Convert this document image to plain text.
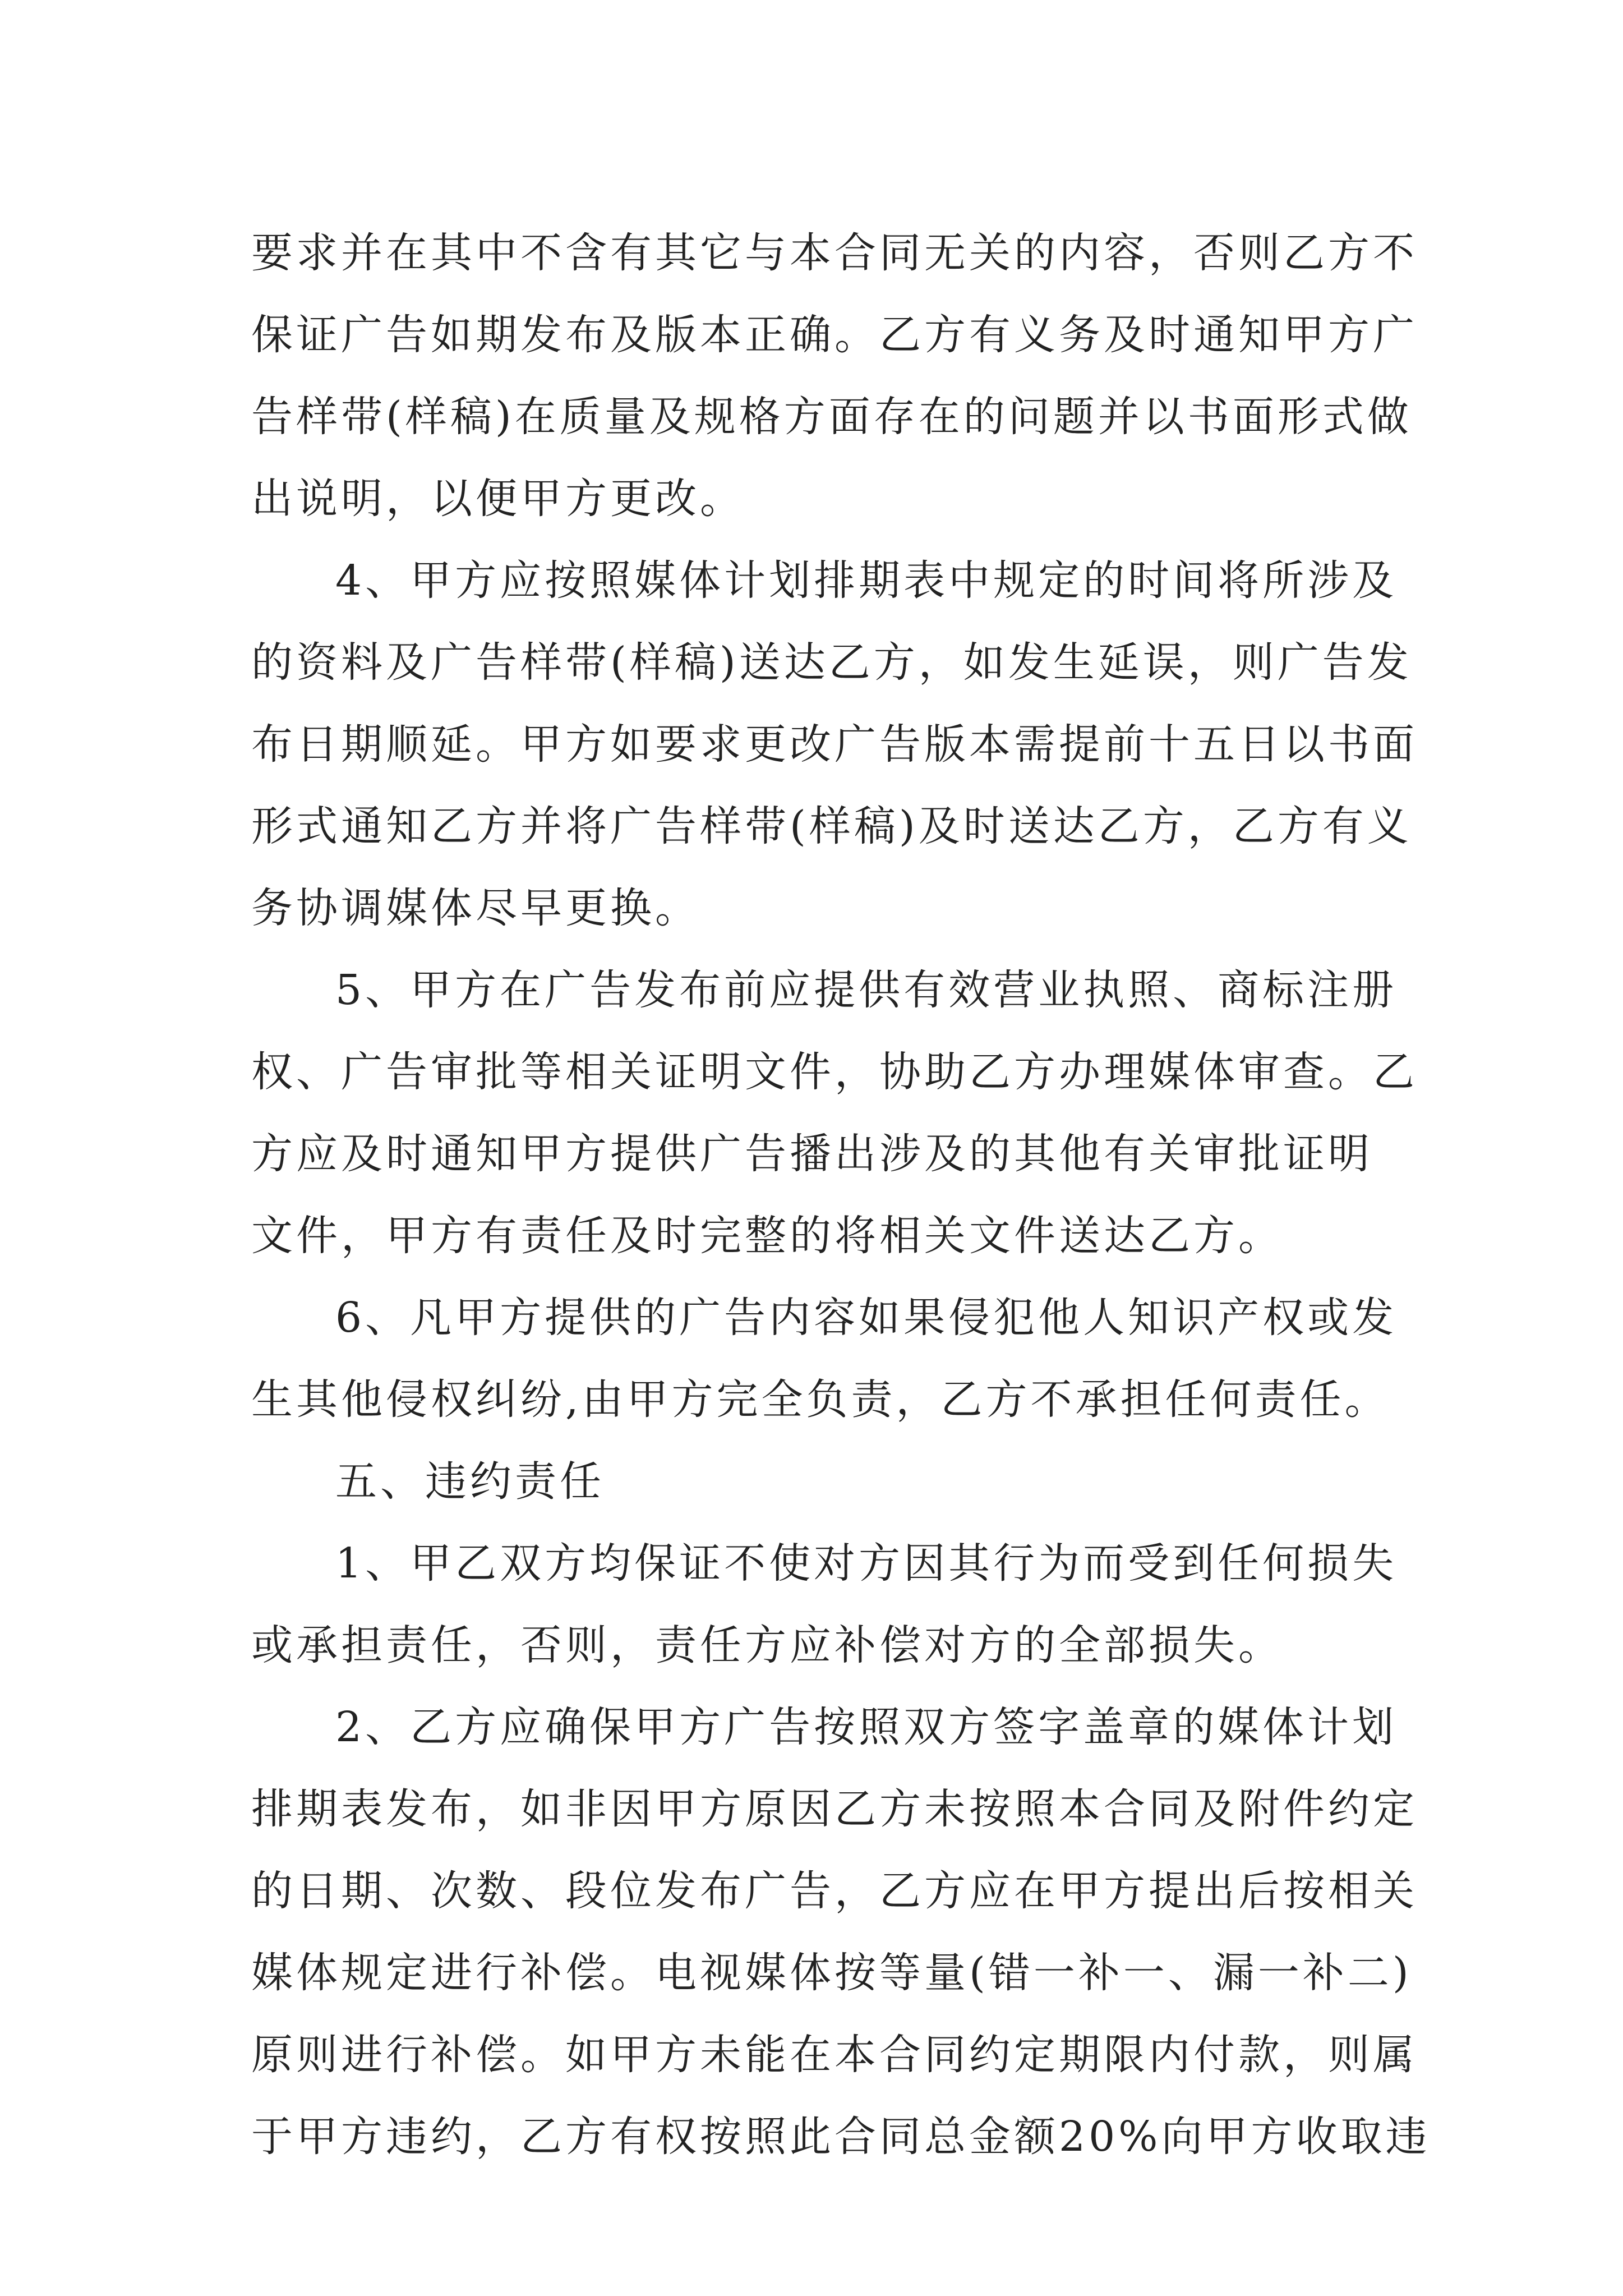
要求并在其中不含有其它与本合同无关的内容，否则乙方不
保证广告如期发布及版本正确。乙方有义务及时通知甲方广
告样带(样稿)在质量及规格方面存在的问题并以书面形式做
出说明，以便甲方更改。
4、甲方应按照媒体计划排期表中规定的时间将所涉及
的资料及广告样带(样稿)送达乙方，如发生延误，则广告发
布日期顺延。甲方如要求更改广告版本需提前十五日以书面
形式通知乙方并将广告样带(样稿)及时送达乙方，乙方有义
务协调媒体尽早更换。
5、甲方在广告发布前应提供有效营业执照、商标注册
权、广告审批等相关证明文件，协助乙方办理媒体审查。乙
方应及时通知甲方提供广告播出涉及的其他有关审批证明
文件，甲方有责任及时完整的将相关文件送达乙方。
6、凡甲方提供的广告内容如果侵犯他人知识产权或发
生其他侵权纠纷,由甲方完全负责，乙方不承担任何责任。
五、违约责任
1、甲乙双方均保证不使对方因其行为而受到任何损失
或承担责任，否则，责任方应补偿对方的全部损失。
2、乙方应确保甲方广告按照双方签字盖章的媒体计划
排期表发布，如非因甲方原因乙方未按照本合同及附件约定
的日期、次数、段位发布广告，乙方应在甲方提出后按相关
媒体规定进行补偿。电视媒体按等量(错一补一、漏一补二)
原则进行补偿。如甲方未能在本合同约定期限内付款，则属
于甲方违约，乙方有权按照此合同总金额20%向甲方收取违
